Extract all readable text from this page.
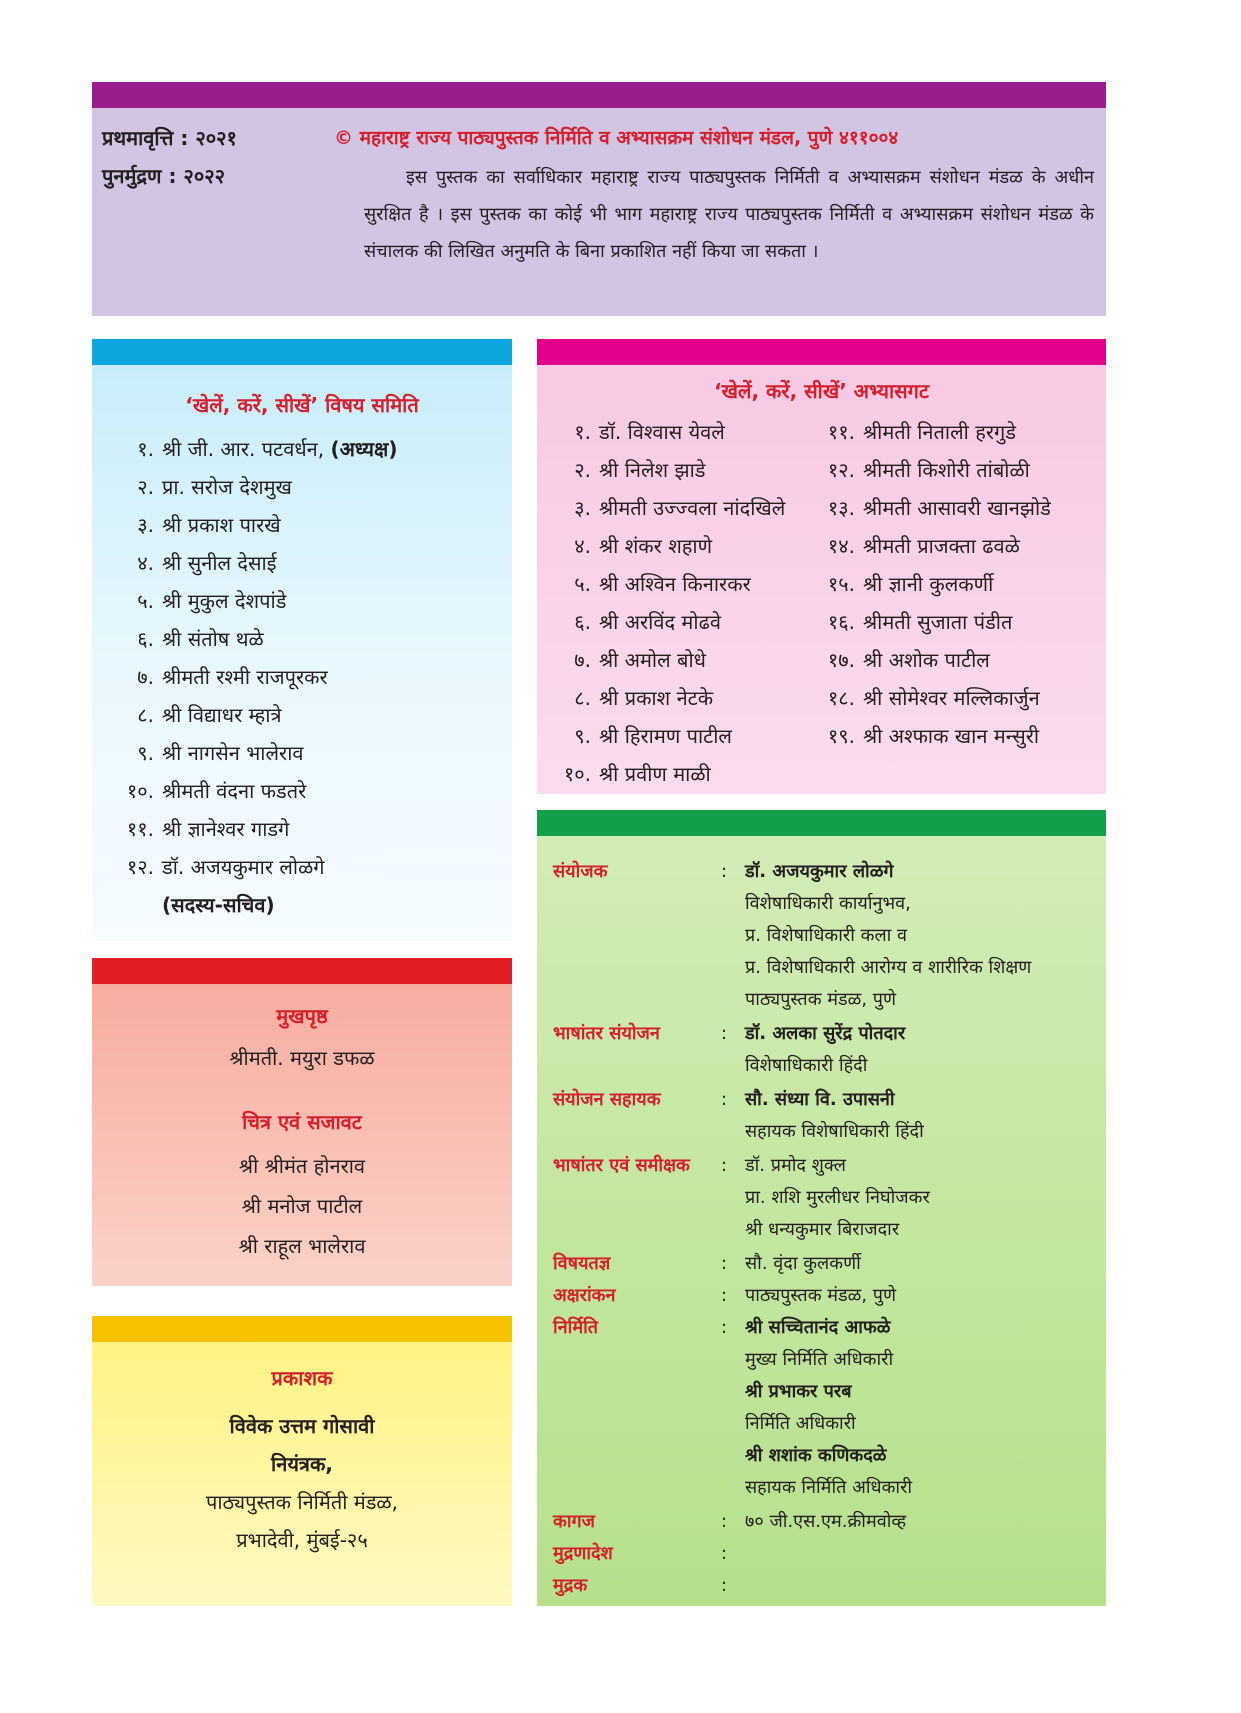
प्रथमावृत्ति : २०२१
पुनर्मुद्रण : २०२२
© महाराष्ट्र राज्य पाठ्यपुस्तक निर्मिति व अभ्यासक्रम संशोधन मंडल, पुणे ४११००४
इस पुस्तक का सर्वाधिकार महाराष्ट्र राज्य पाठ्यपुस्तक निर्मिती व अभ्यासक्रम संशोधन मंडळ के अधीन सुरक्षित है । इस पुस्तक का कोई भी भाग महाराष्ट्र राज्य पाठ्यपुस्तक निर्मिती व अभ्यासक्रम संशोधन मंडळ के संचालक की लिखित अनुमति के बिना प्रकाशित नहीं किया जा सकता ।
‘खेलें, करें, सीखें’ विषय समिति
१. श्री जी. आर. पटवर्धन, (अध्यक्ष)
२. प्रा. सरोज देशमुख
३. श्री प्रकाश पारखे
४. श्री सुनील देसाई
५. श्री मुकुल देशपांडे
६. श्री संतोष थळे
७. श्रीमती रश्मी राजपूरकर
८. श्री विद्याधर म्हात्रे
९. श्री नागसेन भालेराव
१०. श्रीमती वंदना फडतरे
११. श्री ज्ञानेश्वर गाडगे
१२. डॉ. अजयकुमार लोळगे
(सदस्य-सचिव)
‘खेलें, करें, सीखें’ अभ्यासगट
१. डॉ. विश्वास येवले
२. श्री निलेश झाडे
३. श्रीमती उज्ज्वला नांदखिले
४. श्री शंकर शहाणे
५. श्री अश्विन किनारकर
६. श्री अरविंद मोढवे
७. श्री अमोल बोधे
८. श्री प्रकाश नेटके
९. श्री हिरामण पाटील
१०. श्री प्रवीण माळी
११. श्रीमती निताली हरगुडे
१२. श्रीमती किशोरी तांबोळी
१३. श्रीमती आसावरी खानझोडे
१४. श्रीमती प्राजक्ता ढवळे
१५. श्री ज्ञानी कुलकर्णी
१६. श्रीमती सुजाता पंडीत
१७. श्री अशोक पाटील
१८. श्री सोमेश्वर मल्लिकार्जुन
१९. श्री अश्फाक खान मन्सुरी
मुखपृष्ठ
श्रीमती. मयुरा डफळ
चित्र एवं सजावट
श्री श्रीमंत होनराव
श्री मनोज पाटील
श्री राहूल भालेराव
प्रकाशक
विवेक उत्तम गोसावी
नियंत्रक,
पाठ्यपुस्तक निर्मिती मंडळ,
प्रभादेवी, मुंबई-२५
संयोजक	: डॉ. अजयकुमार लोळगे
विशेषाधिकारी कार्यानुभव,
प्र. विशेषाधिकारी कला व
प्र. विशेषाधिकारी आरोग्य व शारीरिक शिक्षण
पाठ्यपुस्तक मंडळ, पुणे
भाषांतर संयोजन	: डॉ. अलका सुरेंद्र पोतदार
विशेषाधिकारी हिंदी
संयोजन सहायक	: सौ. संध्या वि. उपासनी
सहायक विशेषाधिकारी हिंदी
भाषांतर एवं समीक्षक : डॉ. प्रमोद शुक्ल
प्रा. शशि मुरलीधर निघोजकर
श्री धन्यकुमार बिराजदार
विषयतज्ञ	: सौ. वृंदा कुलकर्णी
अक्षरांकन	: पाठ्यपुस्तक मंडळ, पुणे
निर्मिति	: श्री सच्चितानंद आफळे
मुख्य निर्मिति अधिकारी
श्री प्रभाकर परब
निर्मिति अधिकारी
श्री शशांक कणिकदळे
सहायक निर्मिति अधिकारी
कागज	: ७० जी.एस.एम.क्रीमवोव्ह
मुद्रणादेश	:
मुद्रक	:
